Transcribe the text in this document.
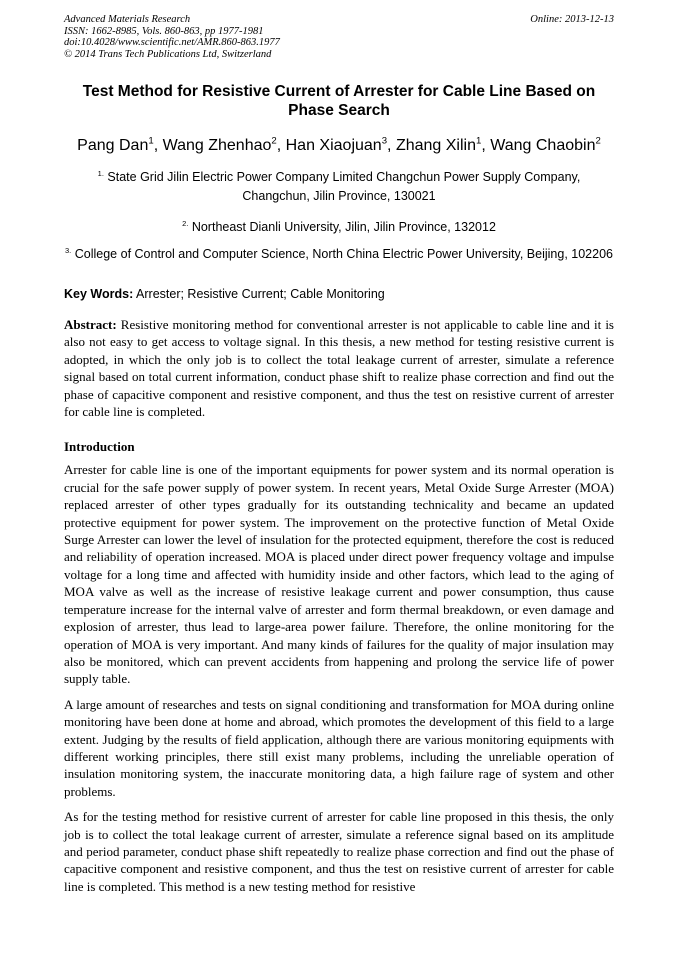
Advanced Materials Research
ISSN: 1662-8985, Vols. 860-863, pp 1977-1981
doi:10.4028/www.scientific.net/AMR.860-863.1977
© 2014 Trans Tech Publications Ltd, Switzerland
Online: 2013-12-13
Test Method for Resistive Current of Arrester for Cable Line Based on Phase Search
Pang Dan$^1$, Wang Zhenhao$^2$, Han Xiaojuan$^3$, Zhang Xilin$^1$, Wang Chaobin$^2$
$^{1.}$ State Grid Jilin Electric Power Company Limited Changchun Power Supply Company, Changchun, Jilin Province, 130021
$^{2.}$ Northeast Dianli University, Jilin, Jilin Province, 132012
$^{3.}$ College of Control and Computer Science, North China Electric Power University, Beijing, 102206
Key Words: Arrester; Resistive Current; Cable Monitoring
Abstract: Resistive monitoring method for conventional arrester is not applicable to cable line and it is also not easy to get access to voltage signal. In this thesis, a new method for testing resistive current is adopted, in which the only job is to collect the total leakage current of arrester, simulate a reference signal based on total current information, conduct phase shift to realize phase correction and find out the phase of capacitive component and resistive component, and thus the test on resistive current of arrester for cable line is completed.
Introduction
Arrester for cable line is one of the important equipments for power system and its normal operation is crucial for the safe power supply of power system. In recent years, Metal Oxide Surge Arrester (MOA) replaced arrester of other types gradually for its outstanding technicality and became an updated protective equipment for power system. The improvement on the protective function of Metal Oxide Surge Arrester can lower the level of insulation for the protected equipment, therefore the cost is reduced and reliability of operation increased. MOA is placed under direct power frequency voltage and impulse voltage for a long time and affected with humidity inside and other factors, which lead to the aging of MOA valve as well as the increase of resistive leakage current and power consumption, thus cause temperature increase for the internal valve of arrester and form thermal breakdown, or even damage and explosion of arrester, thus lead to large-area power failure. Therefore, the online monitoring for the operation of MOA is very important. And many kinds of failures for the quality of major insulation may also be monitored, which can prevent accidents from happening and prolong the service life of power supply table.
A large amount of researches and tests on signal conditioning and transformation for MOA during online monitoring have been done at home and abroad, which promotes the development of this field to a large extent. Judging by the results of field application, although there are various monitoring equipments with different working principles, there still exist many problems, including the unreliable operation of insulation monitoring system, the inaccurate monitoring data, a high failure rage of system and other problems.
As for the testing method for resistive current of arrester for cable line proposed in this thesis, the only job is to collect the total leakage current of arrester, simulate a reference signal based on its amplitude and period parameter, conduct phase shift repeatedly to realize phase correction and find out the phase of capacitive component and resistive component, and thus the test on resistive current of arrester for cable line is completed. This method is a new testing method for resistive
